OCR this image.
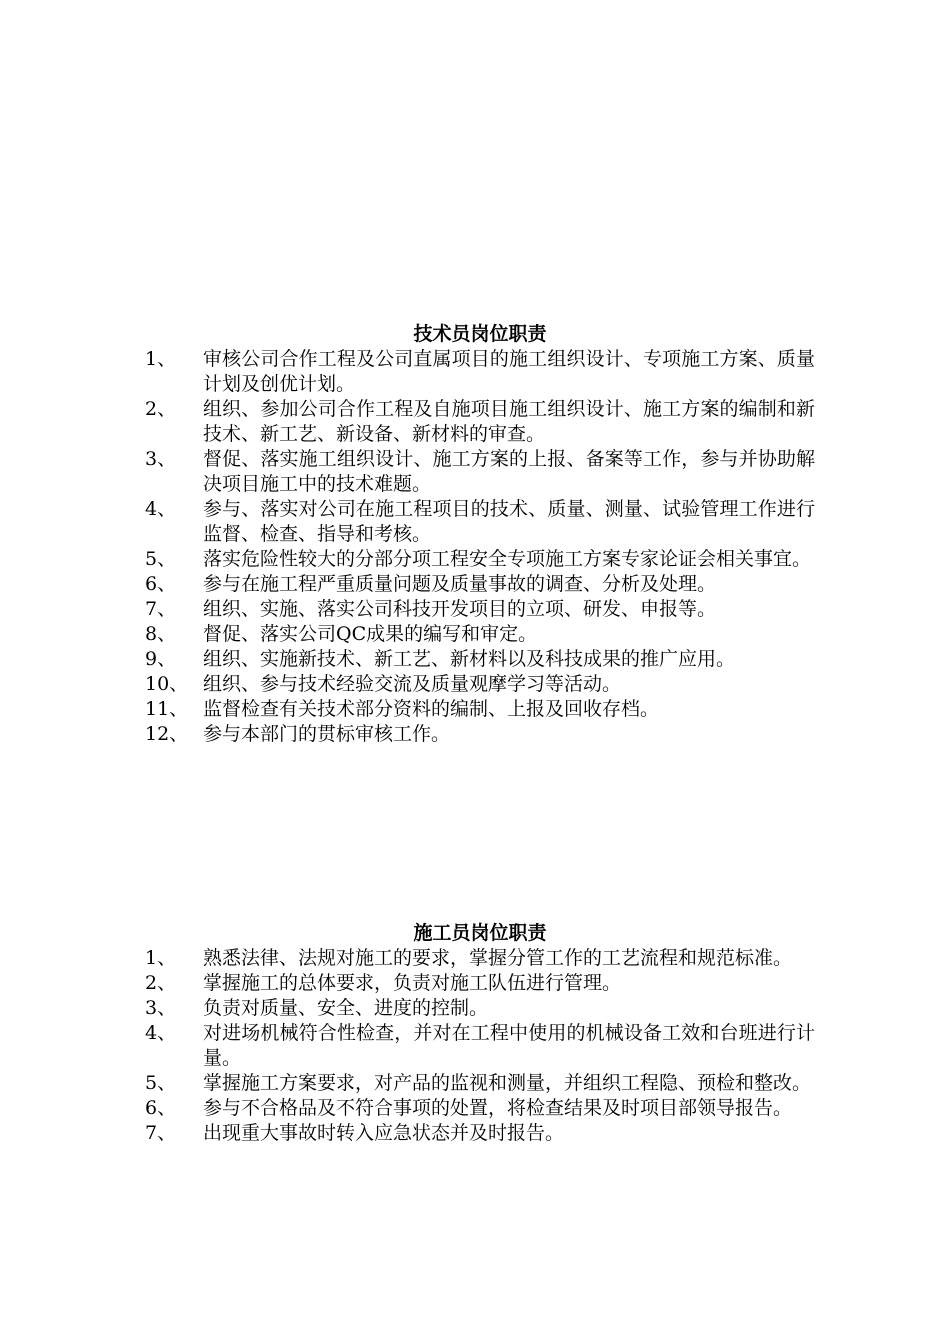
技术员岗位职责
1、	审核公司合作工程及公司直属项目的施工组织设计、专项施工方案、质量计划及创优计划。
2、	组织、参加公司合作工程及自施项目施工组织设计、施工方案的编制和新技术、新工艺、新设备、新材料的审查。
3、	督促、落实施工组织设计、施工方案的上报、备案等工作，参与并协助解决项目施工中的技术难题。
4、	参与、落实对公司在施工程项目的技术、质量、测量、试验管理工作进行监督、检查、指导和考核。
5、	落实危险性较大的分部分项工程安全专项施工方案专家论证会相关事宜。
6、	参与在施工程严重质量问题及质量事故的调查、分析及处理。
7、	组织、实施、落实公司科技开发项目的立项、研发、申报等。
8、	督促、落实公司QC成果的编写和审定。
9、	组织、实施新技术、新工艺、新材料以及科技成果的推广应用。
10、 组织、参与技术经验交流及质量观摩学习等活动。
11、 监督检查有关技术部分资料的编制、上报及回收存档。
12、 参与本部门的贯标审核工作。
施工员岗位职责
1、	熟悉法律、法规对施工的要求，掌握分管工作的工艺流程和规范标准。
2、	掌握施工的总体要求，负责对施工队伍进行管理。
3、	负责对质量、安全、进度的控制。
4、	对进场机械符合性检查，并对在工程中使用的机械设备工效和台班进行计量。
5、	掌握施工方案要求，对产品的监视和测量，并组织工程隐、预检和整改。
6、	参与不合格品及不符合事项的处置，将检查结果及时项目部领导报告。
7、	出现重大事故时转入应急状态并及时报告。
